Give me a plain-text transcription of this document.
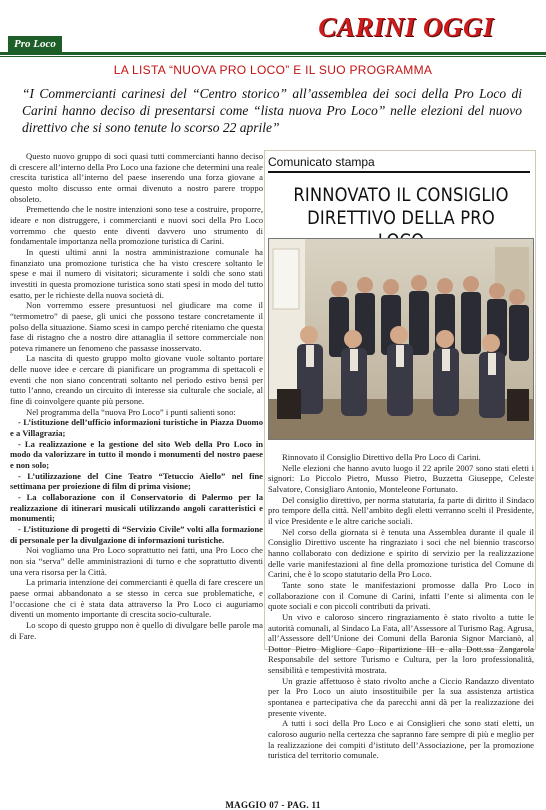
Pro Loco
CARINI OGGI
LA LISTA “NUOVA PRO LOCO” E IL SUO PROGRAMMA
“I Commercianti carinesi del “Centro storico” all’assemblea dei soci della Pro Loco di Carini hanno deciso di presentarsi come “lista nuova Pro Loco” nelle elezioni del nuovo direttivo che si sono tenute lo scorso 22 aprile”

Questo nuovo gruppo di soci quasi tutti commercianti hanno deciso di crescere all’interno della Pro Loco una fazione che determini una reale crescita turistica all’interno del paese inserendo una forza giovane a questo molto discusso ente ormai divenuto a nostro parere troppo obsoleto.

Premettendo che le nostre intenzioni sono tese a costruire, proporre, ideare e non distruggere, i commercianti e nuovi soci della Pro Loco vorremmo che questo ente diventi davvero uno strumento di fondamentale importanza nella promozione turistica di Carini.

In questi ultimi anni la nostra amministrazione comunale ha finanziato una promozione turistica che ha visto crescere soltanto le spese e mai il numero di visitatori; sicuramente i soldi che sono stati investiti in questa promozione turistica sono stati spesi in modo del tutto esatto, per le richieste della nuova società di.

Non vorremmo essere presuntuosi nel giudicare ma come il “termometro” di paese, gli unici che possono testare concretamente il polso della situazione. Siamo scesi in campo perché riteniamo che questa fase di ristagno che a nostro dire attanaglia il settore commerciale non poteva rimanere un fenomeno che passasse inosservato.

La nascita di questo gruppo molto giovane vuole soltanto portare delle nuove idee e cercare di pianificare un programma di spettacoli e eventi che non siano concentrati soltanto nel periodo estivo bensì per tutto l’anno, creando un circuito di interesse sia culturale che sociale, al fine di coinvolgere quante più persone.

Nel programma della “nuova Pro Loco” i punti salienti sono:

- L’istituzione dell’ufficio informazioni turistiche in Piazza Duomo e a Villagrazia;

- La realizzazione e la gestione del sito Web della Pro Loco in modo da valorizzare in tutto il mondo i monumenti del nostro paese e non solo;

- L’utilizzazione del Cine Teatro “Tetuccio Aiello” nel fine settimana per proiezione di film di prima visione;

- La collaborazione con il Conservatorio di Palermo per la realizzazione di itinerari musicali utilizzando angoli caratteristici e monumenti;

- L’istituzione di progetti di “Servizio Civile” volti alla formazione di personale per la divulgazione di informazioni turistiche.

Noi vogliamo una Pro Loco soprattutto nei fatti, una Pro Loco che non sia “serva” delle amministrazioni di turno e che soprattutto diventi una vera risorsa per la Città.

La primaria intenzione dei commercianti è quella di fare crescere un paese ormai abbandonato a se stesso in cerca sue problematiche, e l’occasione che ci è stata data attraverso la Pro Loco ci auguriamo diventi un momento importante di crescita socio-culturale.

Lo scopo di questo gruppo non è quello di divulgare belle parole ma di Fare.

Comunicato stampa
RINNOVATO IL CONSIGLIO DIRETTIVO DELLA PRO

Rinnovato il Consiglio Direttivo della Pro Loco di Carini.

Nelle elezioni che hanno avuto luogo il 22 aprile 2007 sono stati eletti i signori: Lo Piccolo Pietro, Musso Pietro, Buzzetta Giuseppe, Celeste Salvatore, Consigliaro Antonio, Monteleone Fortunato.

Del consiglio direttivo, per norma statutaria, fa parte di diritto il Sindaco pro tempore della città. Nell’ambito degli eletti verranno scelti il Presidente, il vice Presidente e le altre cariche sociali.

Nel corso della giornata si è tenuta una Assemblea durante il quale il Consiglio Direttivo uscente ha ringraziato i soci che nel biennio trascorso hanno collaborato con dedizione e spirito di servizio per la realizzazione delle varie manifestazioni al fine della promozione turistica del Comune di Carini, che è lo scopo statutario della Pro Loco.

Tante sono state le manifestazioni promosse dalla Pro Loco in collaborazione con il Comune di Carini, infatti l’ente si alimenta con le quote sociali e con piccoli contributi da privati.

Un vivo e caloroso sincero ringraziamento è stato rivolto a tutte le autorità comunali, al Sindaco La Fata, all’Assessore al Turismo Rag. Agrusa, all’Assessore dell’Unione dei Comuni della Baronia Signor Marcianò, al Dottor Pietro Migliore Capo Ripartizione III e alla Dott.ssa Zangarola Responsabile del settore Turismo e Cultura, per la loro professionalità, sensibilità e tempestività mostrata.

Un grazie affettuoso è stato rivolto anche a Ciccio Randazzo diventato per la Pro Loco un aiuto insostituibile per la sua assistenza artistica spontanea e partecipativa che da parecchi anni dà per la realizzazione dei presente vivente.

A tutti i soci della Pro Loco e ai Consiglieri che sono stati eletti, un caloroso augurio nella certezza che sapranno fare sempre di più e meglio per la realizzazione dei compiti d’istituto dell’Associazione, per la promozione turistica del territorio comunale.

MAGGIO 07 - PAG. 11
